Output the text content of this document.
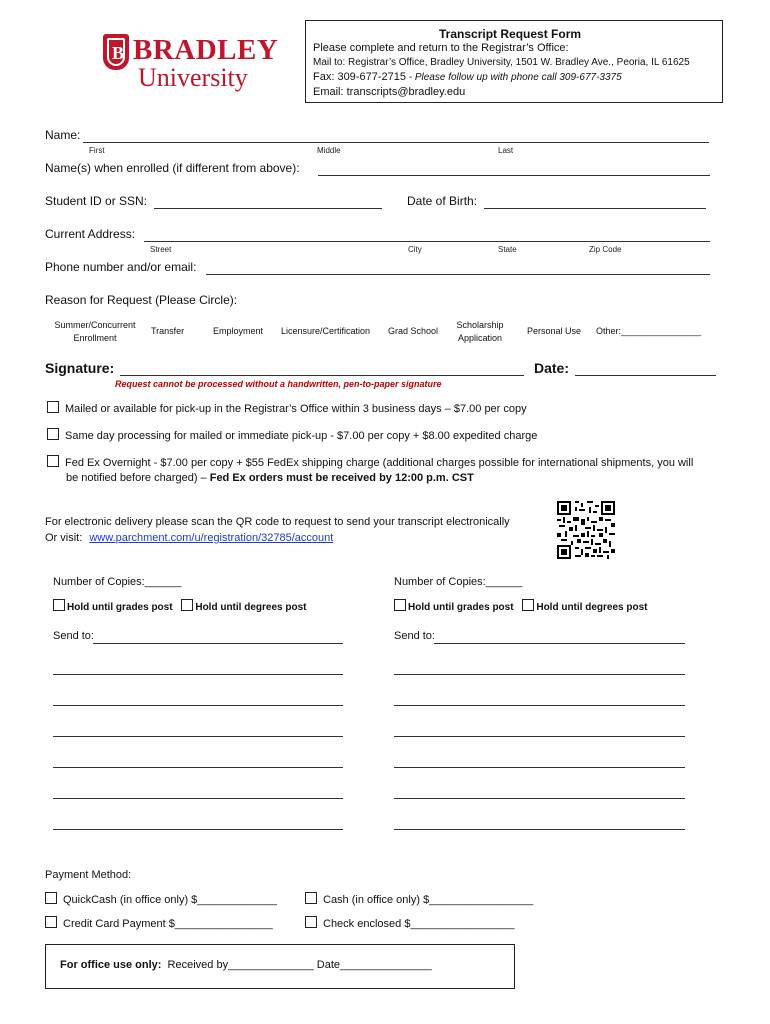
B BRADLEY
University
Transcript Request Form
Please complete and return to the Registrar’s Office:
Mail to: Registrar’s Office, Bradley University, 1501 W. Bradley Ave., Peoria, IL 61625
Fax: 309-677-2715 - Please follow up with phone call 309-677-3375
Email: transcripts@bradley.edu
Name:
First	Middle	Last
Name(s) when enrolled (if different from above):
Student ID or SSN:	Date of Birth:
Current Address:
Street	City	State	Zip Code
Phone number and/or email:
Reason for Request (Please Circle):
Summer/Concurrent
Enrollment
Transfer	Employment Licensure/Certification Grad School
Scholarship
Application
Personal Use Other:________________
Signature:	Date:
Request cannot be processed without a handwritten, pen-to-paper signature
Mailed or available for pick-up in the Registrar’s Office within 3 business days – $7.00 per copy
Same day processing for mailed or immediate pick-up - $7.00 per copy + $8.00 expedited charge
Fed Ex Overnight - $7.00 per copy + $55 FedEx shipping charge (additional charges possible for international shipments, you will
be notified before charged) – Fed Ex orders must be received by 12:00 p.m. CST
For electronic delivery please scan the QR code to request to send your transcript electronically
Or visit: www.parchment.com/u/registration/32785/account
Number of Copies:______
Hold until grades post Hold until degrees post
Send to:
Number of Copies:______
Hold until grades post Hold until degrees post
Send to:
Payment Method:
QuickCash (in office only) $_____________	Cash (in office only) $_________________
Credit Card Payment $________________	Check enclosed $_________________
For office use only: Received by______________ Date_______________
